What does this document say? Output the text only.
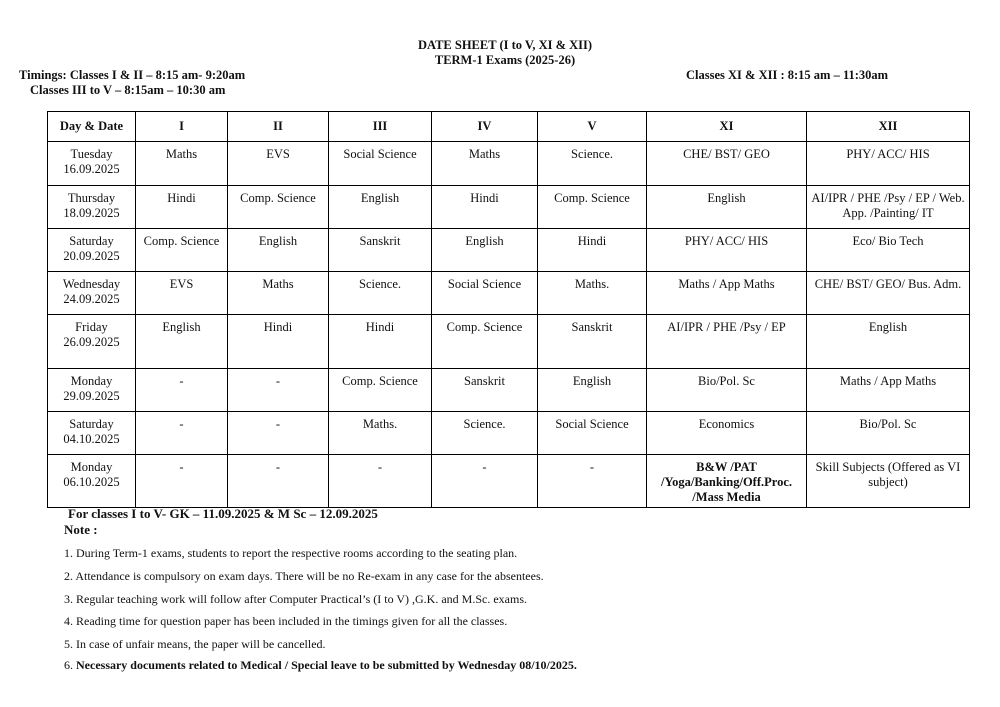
DATE SHEET (I to V, XI & XII)
TERM-1 Exams (2025-26)
Timings: Classes I & II – 8:15 am- 9:20am
Classes III to V – 8:15am – 10:30 am
Classes XI & XII : 8:15 am – 11:30am
Day & Date	I	II	III	IV	V	XI	XII

Tuesday
16.09.2025	Maths	EVS	Social Science	Maths	Science.	CHE/ BST/ GEO	PHY/ ACC/ HIS

Thursday
18.09.2025	Hindi	Comp. Science	English	Hindi	Comp. Science	English	AI/IPR / PHE /Psy / EP / Web. App. /Painting/ IT

Saturday
20.09.2025	Comp. Science	English	Sanskrit	English	Hindi	PHY/ ACC/ HIS	Eco/ Bio Tech

Wednesday
24.09.2025	EVS	Maths	Science.	Social Science	Maths.	Maths / App Maths	CHE/ BST/ GEO/ Bus. Adm.

Friday
26.09.2025	English	Hindi	Hindi	Comp. Science	Sanskrit	AI/IPR / PHE /Psy / EP	English

Monday
29.09.2025	-	-	Comp. Science	Sanskrit	English	Bio/Pol. Sc	Maths / App Maths

Saturday
04.10.2025	-	-	Maths.	Science.	Social Science	Economics	Bio/Pol. Sc

Monday
06.10.2025	-	-	-	-	-	B&W /PAT /Yoga/Banking/Off.Proc. /Mass Media	Skill Subjects (Offered as VI subject)
For classes I to V- GK – 11.09.2025 & M Sc – 12.09.2025
Note :
1. During Term-1 exams, students to report the respective rooms according to the seating plan.
2. Attendance is compulsory on exam days. There will be no Re-exam in any case for the absentees.
3. Regular teaching work will follow after Computer Practical’s (I to V) ,G.K. and M.Sc. exams.
4. Reading time for question paper has been included in the timings given for all the classes.
5. In case of unfair means, the paper will be cancelled.
6. Necessary documents related to Medical / Special leave to be submitted by Wednesday 08/10/2025.
